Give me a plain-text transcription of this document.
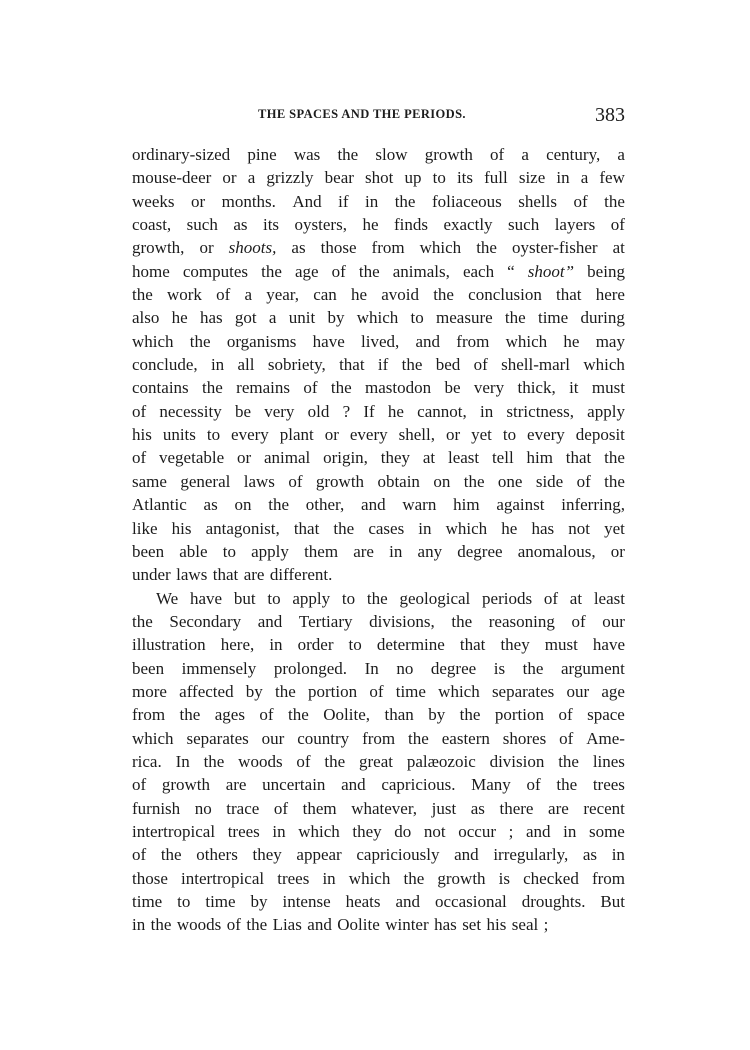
THE SPACES AND THE PERIODS.	383
ordinary-sized pine was the slow growth of a century, a
mouse-deer or a grizzly bear shot up to its full size in a few
weeks or months. And if in the foliaceous shells of the
coast, such as its oysters, he finds exactly such layers of
growth, or shoots, as those from which the oyster-fisher at
home computes the age of the animals, each “ shoot” being
the work of a year, can he avoid the conclusion that here
also he has got a unit by which to measure the time during
which the organisms have lived, and from which he may
conclude, in all sobriety, that if the bed of shell-marl which
contains the remains of the mastodon be very thick, it must
of necessity be very old ? If he cannot, in strictness, apply
his units to every plant or every shell, or yet to every deposit
of vegetable or animal origin, they at least tell him that the
same general laws of growth obtain on the one side of the
Atlantic as on the other, and warn him against inferring,
like his antagonist, that the cases in which he has not yet
been able to apply them are in any degree anomalous, or
under laws that are different.
We have but to apply to the geological periods of at least
the Secondary and Tertiary divisions, the reasoning of our
illustration here, in order to determine that they must have
been immensely prolonged. In no degree is the argument
more affected by the portion of time which separates our age
from the ages of the Oolite, than by the portion of space
which separates our country from the eastern shores of Ame-
rica. In the woods of the great palæozoic division the lines
of growth are uncertain and capricious. Many of the trees
furnish no trace of them whatever, just as there are recent
intertropical trees in which they do not occur ; and in some
of the others they appear capriciously and irregularly, as in
those intertropical trees in which the growth is checked from
time to time by intense heats and occasional droughts. But
in the woods of the Lias and Oolite winter has set his seal ;
